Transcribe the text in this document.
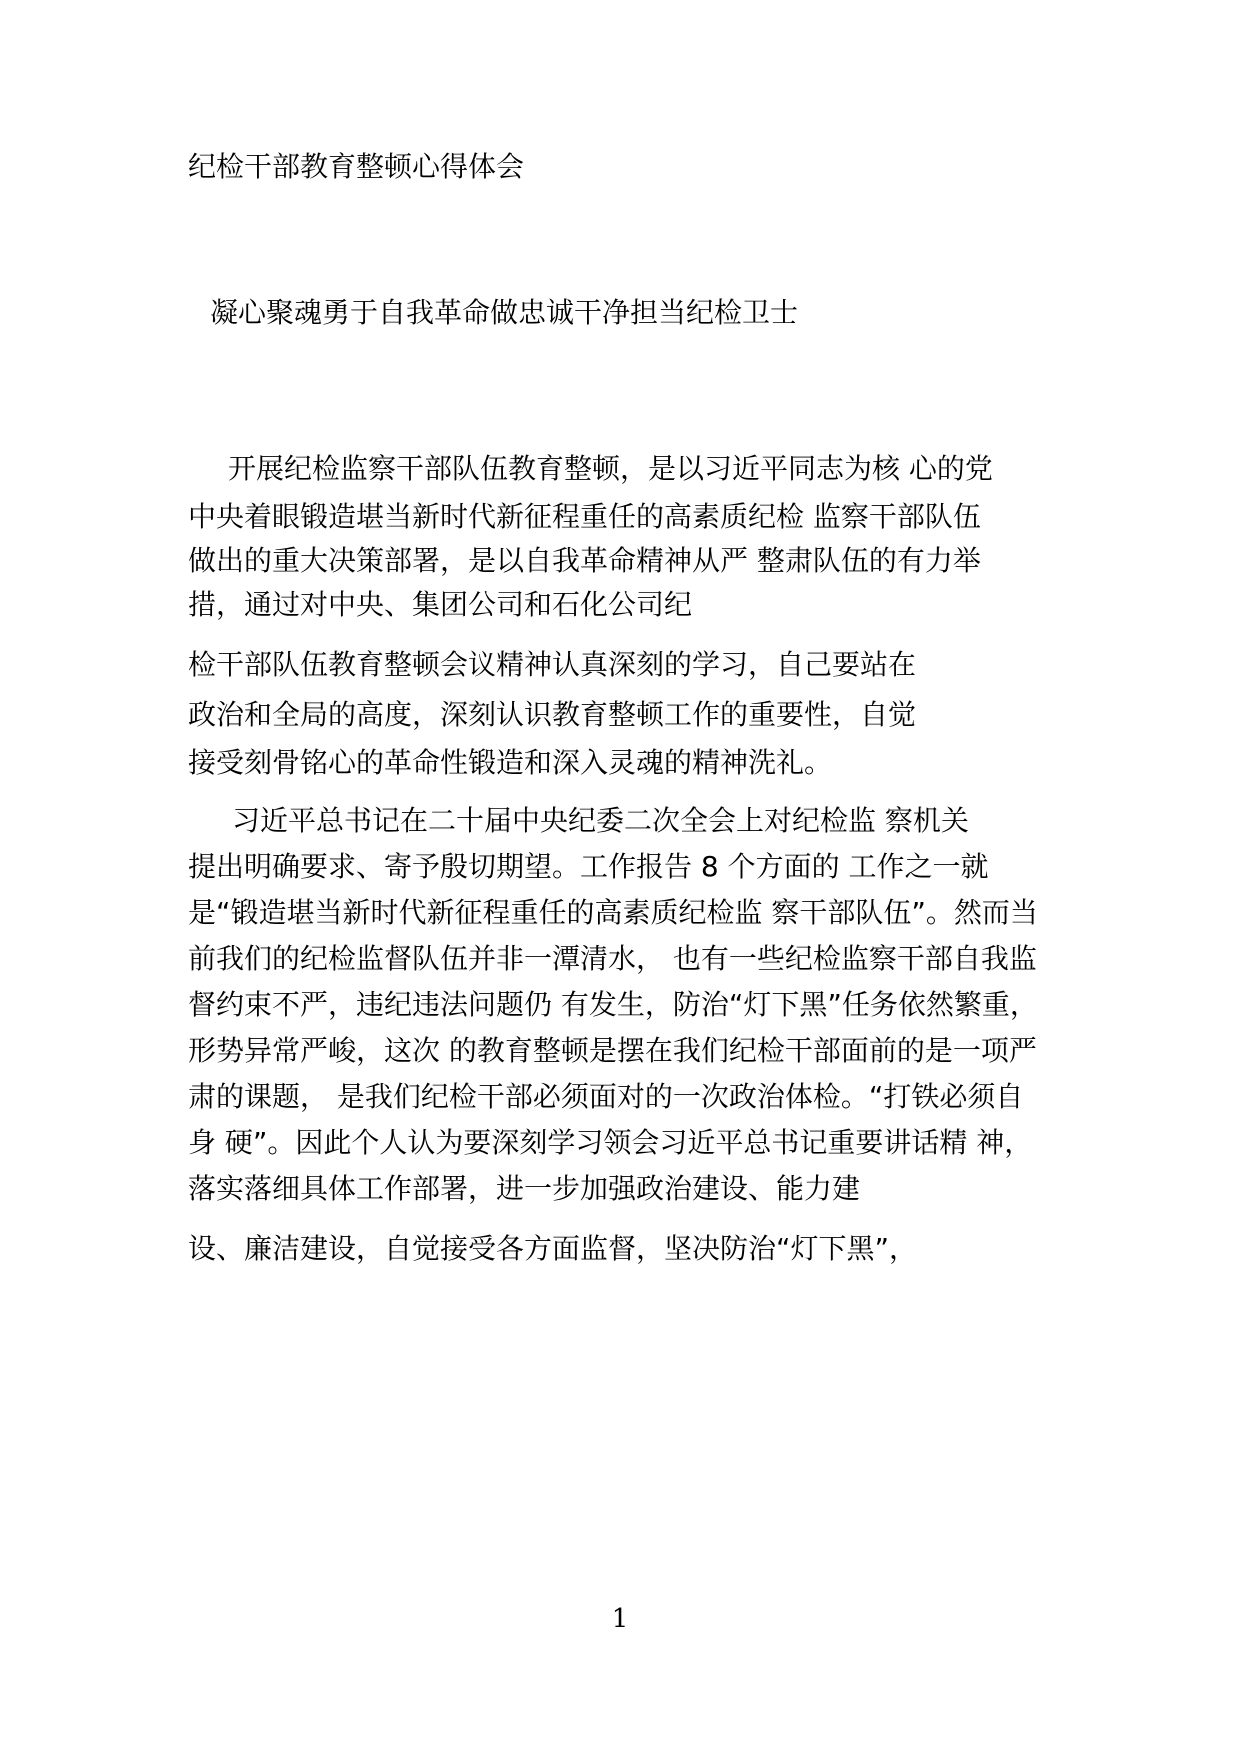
纪检干部教育整顿心得体会
凝心聚魂勇于自我革命做忠诚干净担当纪检卫士
开展纪检监察干部队伍教育整顿，是以习近平同志为核 心的党
中央着眼锻造堪当新时代新征程重任的高素质纪检 监察干部队伍
做出的重大决策部署，是以自我革命精神从严 整肃队伍的有力举
措，通过对中央、集团公司和石化公司纪
检干部队伍教育整顿会议精神认真深刻的学习，自己要站在
政治和全局的高度，深刻认识教育整顿工作的重要性，自觉
接受刻骨铭心的革命性锻造和深入灵魂的精神洗礼。
习近平总书记在二十届中央纪委二次全会上对纪检监 察机关
提出明确要求、寄予殷切期望。工作报告 8 个方面的 工作之一就
是“锻造堪当新时代新征程重任的高素质纪检监 察干部队伍”。然而当
前我们的纪检监督队伍并非一潭清水， 也有一些纪检监察干部自我监
督约束不严，违纪违法问题仍 有发生，防治“灯下黑”任务依然繁重，
形势异常严峻，这次 的教育整顿是摆在我们纪检干部面前的是一项严
肃的课题， 是我们纪检干部必须面对的一次政治体检。“打铁必须自
身 硬”。因此个人认为要深刻学习领会习近平总书记重要讲话精 神，
落实落细具体工作部署，进一步加强政治建设、能力建
设、廉洁建设，自觉接受各方面监督，坚决防治“灯下黑”，
1
